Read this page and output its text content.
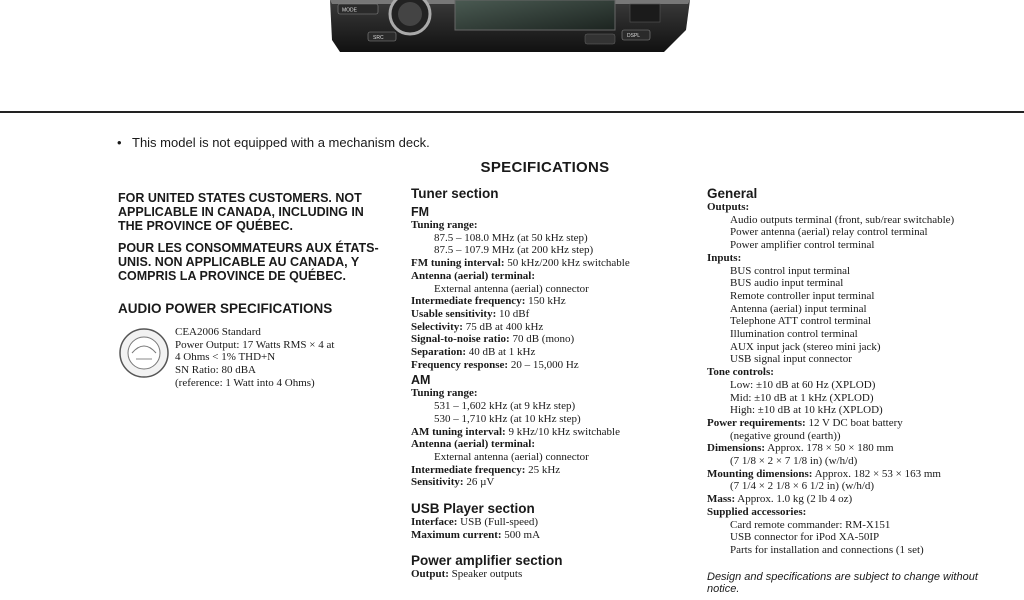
MODE
SRC	DSPL
• This model is not equipped with a mechanism deck.
SPECIFICATIONS
FOR UNITED STATES CUSTOMERS. NOT APPLICABLE IN CANADA, INCLUDING IN THE PROVINCE OF QUÉBEC.
POUR LES CONSOMMATEURS AUX ÉTATS-UNIS. NON APPLICABLE AU CANADA, Y COMPRIS LA PROVINCE DE QUÉBEC.
AUDIO POWER SPECIFICATIONS
CEA2006 Standard
Power Output: 17 Watts RMS × 4 at
4 Ohms < 1% THD+N
SN Ratio: 80 dBA
(reference: 1 Watt into 4 Ohms)
Tuner section
FM
Tuning range:
87.5 – 108.0 MHz (at 50 kHz step)
87.5 – 107.9 MHz (at 200 kHz step)
FM tuning interval: 50 kHz/200 kHz switchable
Antenna (aerial) terminal:
External antenna (aerial) connector
Intermediate frequency: 150 kHz
Usable sensitivity: 10 dBf
Selectivity: 75 dB at 400 kHz
Signal-to-noise ratio: 70 dB (mono)
Separation: 40 dB at 1 kHz
Frequency response: 20 – 15,000 Hz
AM
Tuning range:
531 – 1,602 kHz (at 9 kHz step)
530 – 1,710 kHz (at 10 kHz step)
AM tuning interval: 9 kHz/10 kHz switchable
Antenna (aerial) terminal:
External antenna (aerial) connector
Intermediate frequency: 25 kHz
Sensitivity: 26 µV
USB Player section
Interface: USB (Full-speed)
Maximum current: 500 mA
Power amplifier section
Output: Speaker outputs
General
Outputs:
Audio outputs terminal (front, sub/rear switchable)
Power antenna (aerial) relay control terminal
Power amplifier control terminal
Inputs:
BUS control input terminal
BUS audio input terminal
Remote controller input terminal
Antenna (aerial) input terminal
Telephone ATT control terminal
Illumination control terminal
AUX input jack (stereo mini jack)
USB signal input connector
Tone controls:
Low: ±10 dB at 60 Hz (XPLOD)
Mid: ±10 dB at 1 kHz (XPLOD)
High: ±10 dB at 10 kHz (XPLOD)
Power requirements: 12 V DC boat battery
(negative ground (earth))
Dimensions: Approx. 178 × 50 × 180 mm
(7 1/8 × 2 × 7 1/8 in) (w/h/d)
Mounting dimensions: Approx. 182 × 53 × 163 mm
(7 1/4 × 2 1/8 × 6 1/2 in) (w/h/d)
Mass: Approx. 1.0 kg (2 lb 4 oz)
Supplied accessories:
Card remote commander: RM-X151
USB connector for iPod XA-50IP
Parts for installation and connections (1 set)
Design and specifications are subject to change without notice.
